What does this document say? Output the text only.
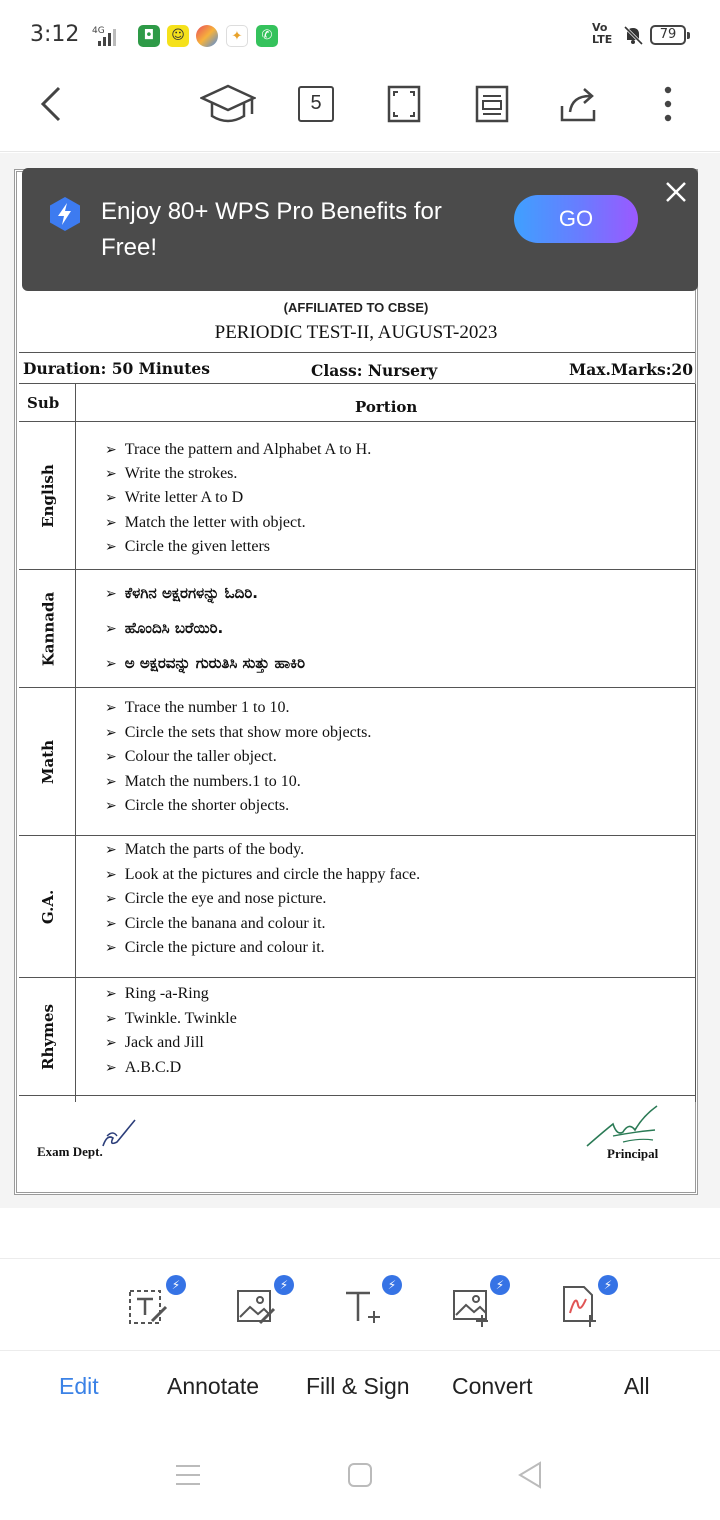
3:12 4G	◘	☺	✦	✆
Vo
LTE	79
5
(AFFILIATED TO CBSE)
PERIODIC TEST-II, AUGUST-2023
Duration: 50 Minutes	Class: Nursery	Max.Marks:20
Sub	Portion
English
➢ Trace the pattern and Alphabet A to H.
➢ Write the strokes.
➢ Write letter A to D
➢ Match the letter with object.
➢ Circle the given letters
Kannada
➢	ಕೆಳಗಿನ ಅಕ್ಷರಗಳನ್ನು ಓದಿರಿ.
➢ ಹೊಂದಿಸಿ ಬರೆಯಿರಿ.
➢ ಅ ಅಕ್ಷರವನ್ನು ಗುರುತಿಸಿ ಸುತ್ತು ಹಾಕಿರಿ
Math
➢ Trace the number 1 to 10.
➢ Circle the sets that show more objects.
➢ Colour the taller object.
➢ Match the numbers.1 to 10.
➢ Circle the shorter objects.
G.A.
➢ Match the parts of the body.
➢ Look at the pictures and circle the happy face.
➢ Circle the eye and nose picture.
➢ Circle the banana and colour it.
➢ Circle the picture and colour it.
Rhymes
➢ Ring -a-Ring
➢ Twinkle. Twinkle
➢ Jack and Jill
➢ A.B.C.D
Exam Dept.	Principal
Enjoy 80+ WPS Pro Benefits for Free!
GO
⚡	⚡	⚡	⚡	⚡
Edit	Annotate Fill & Sign Convert	All
